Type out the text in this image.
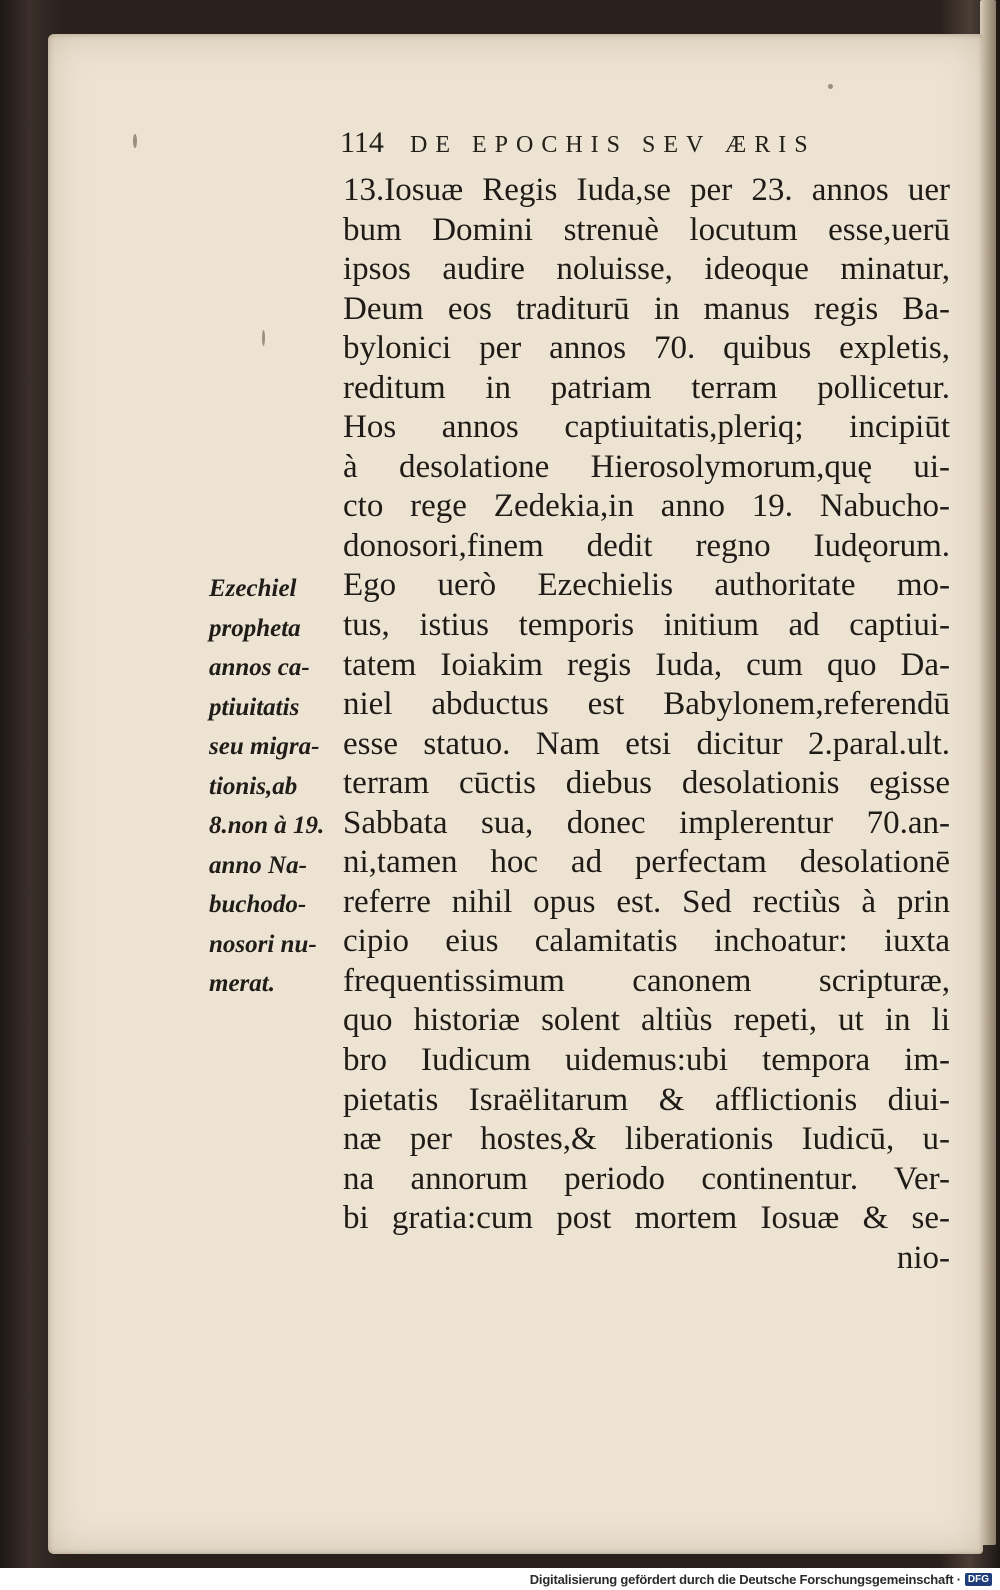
114	DE EPOCHIS SEV ÆRIS
Ezechiel
propheta
annos ca-
ptiuitatis
seu migra-
tionis,ab
8.non à 19.
anno Na-
buchodo-
nosori nu-
merat.
13.Iosuæ Regis Iuda,se per 23. annos uer
bum Domini strenuè locutum esse,uerū
ipsos audire noluisse, ideoque minatur,
Deum eos traditurū in manus regis Ba-
bylonici per annos 70. quibus expletis,
reditum in patriam terram pollicetur.
Hos annos captiuitatis,pleriq; incipiūt
à desolatione Hierosolymorum,quę ui-
cto rege Zedekia,in anno 19. Nabucho-
donosori,finem dedit regno Iudęorum.
Ego uerò Ezechielis authoritate mo-
tus, istius temporis initium ad captiui-
tatem Ioiakim regis Iuda, cum quo Da-
niel abductus est Babylonem,referendū
esse statuo. Nam etsi dicitur 2.paral.ult.
terram cūctis diebus desolationis egisse
Sabbata sua, donec implerentur 70.an-
ni,tamen hoc ad perfectam desolationē
referre nihil opus est. Sed rectiùs à prin
cipio eius calamitatis inchoatur: iuxta
frequentissimum canonem scripturæ,
quo historiæ solent altiùs repeti, ut in li
bro Iudicum uidemus:ubi tempora im-
pietatis Israëlitarum & afflictionis diui-
næ per hostes,& liberationis Iudicū, u-
na annorum periodo continentur. Ver-
bi gratia:cum post mortem Iosuæ & se-
nio-
Digitalisierung gefördert durch die Deutsche Forschungsgemeinschaft · DFG
